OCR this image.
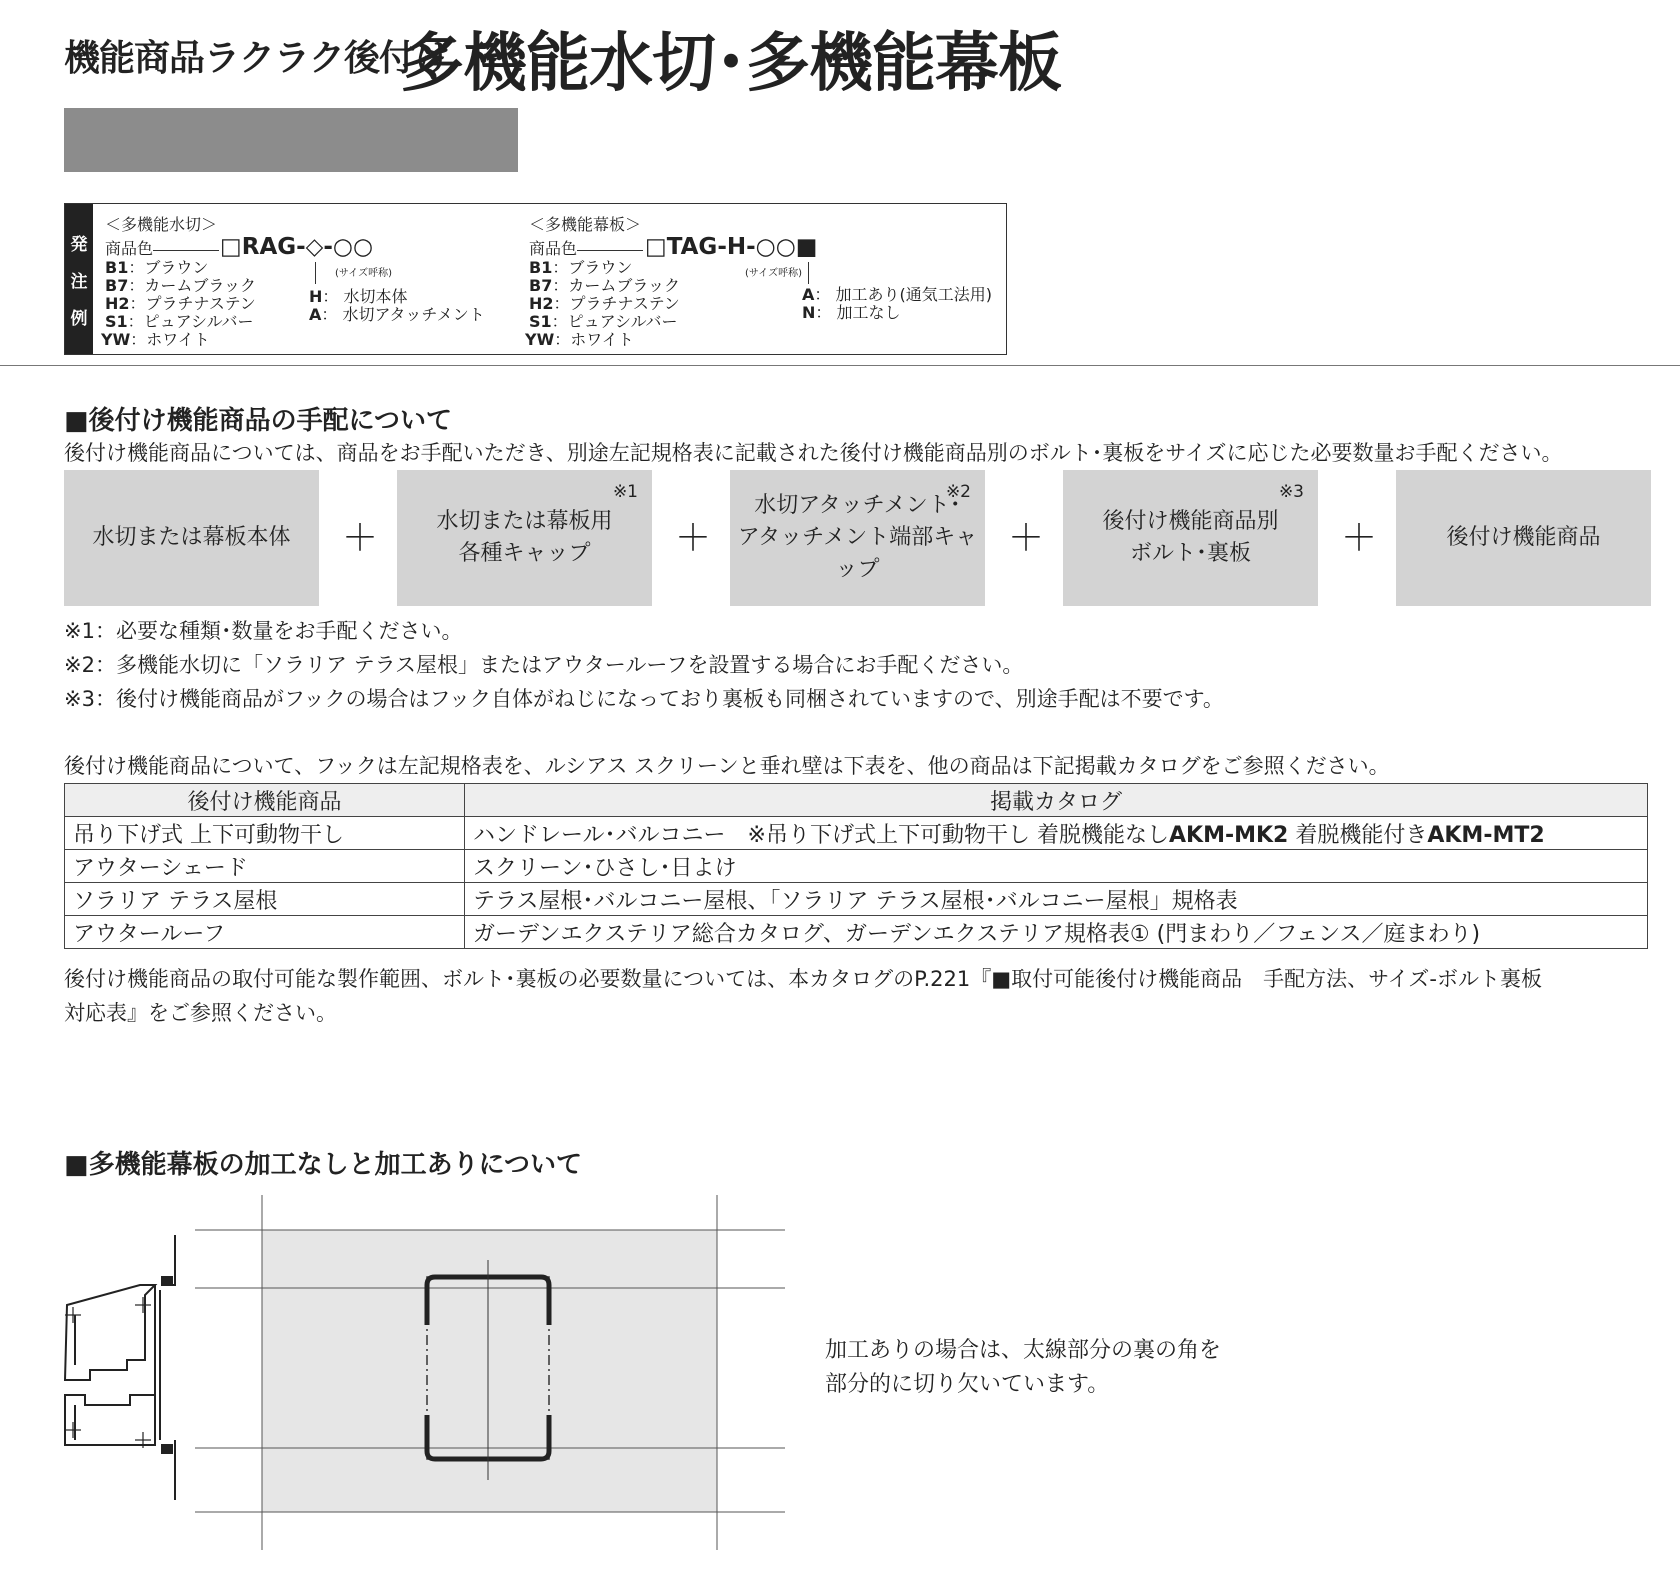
機能商品ラクラク後付け
多機能水切･多機能幕板
発
注
例
＜多機能水切＞
商品色	□RAG-◇-○○
(サイズ呼称)
B1：ブラウン
B7：カームブラック
H2：プラチナステン
S1：ピュアシルバー
YW：ホワイト
H： 水切本体
A： 水切アタッチメント
＜多機能幕板＞
商品色	□TAG-H-○○■
(サイズ呼称)
B1：ブラウン
B7：カームブラック
H2：プラチナステン
S1：ピュアシルバー
YW：ホワイト
A： 加工あり(通気工法用)
N： 加工なし
■後付け機能商品の手配について
後付け機能商品については、商品をお手配いただき、別途左記規格表に記載された後付け機能商品別のボルト･裏板をサイズに応じた必要数量お手配ください。
水切または幕板本体 ＋
※1
水切または幕板用
各種キャップ	＋
※2
水切アタッチメント･
アタッチメント端部キャップ
＋
※3
後付け機能商品別
ボルト･裏板	＋	後付け機能商品
※1：必要な種類･数量をお手配ください。
※2：多機能水切に「ソラリア テラス屋根」またはアウタールーフを設置する場合にお手配ください。
※3：後付け機能商品がフックの場合はフック自体がねじになっており裏板も同梱されていますので、別途手配は不要です。
後付け機能商品について、フックは左記規格表を、ルシアス スクリーンと垂れ壁は下表を、他の商品は下記掲載カタログをご参照ください。
後付け機能商品	掲載カタログ
吊り下げ式 上下可動物干し	ハンドレール･バルコニー　※吊り下げ式上下可動物干し 着脱機能なしAKM-MK2 着脱機能付きAKM-MT2
アウターシェード	スクリーン･ひさし･日よけ
ソラリア テラス屋根	テラス屋根･バルコニー屋根、「ソラリア テラス屋根･バルコニー屋根」規格表
アウタールーフ	ガーデンエクステリア総合カタログ、ガーデンエクステリア規格表① (門まわり／フェンス／庭まわり)
後付け機能商品の取付可能な製作範囲、ボルト･裏板の必要数量については、本カタログのP.221『■取付可能後付け機能商品　手配方法、サイズ-ボルト裏板
対応表』をご参照ください。
■多機能幕板の加工なしと加工ありについて
加工ありの場合は、太線部分の裏の角を
部分的に切り欠いています。
